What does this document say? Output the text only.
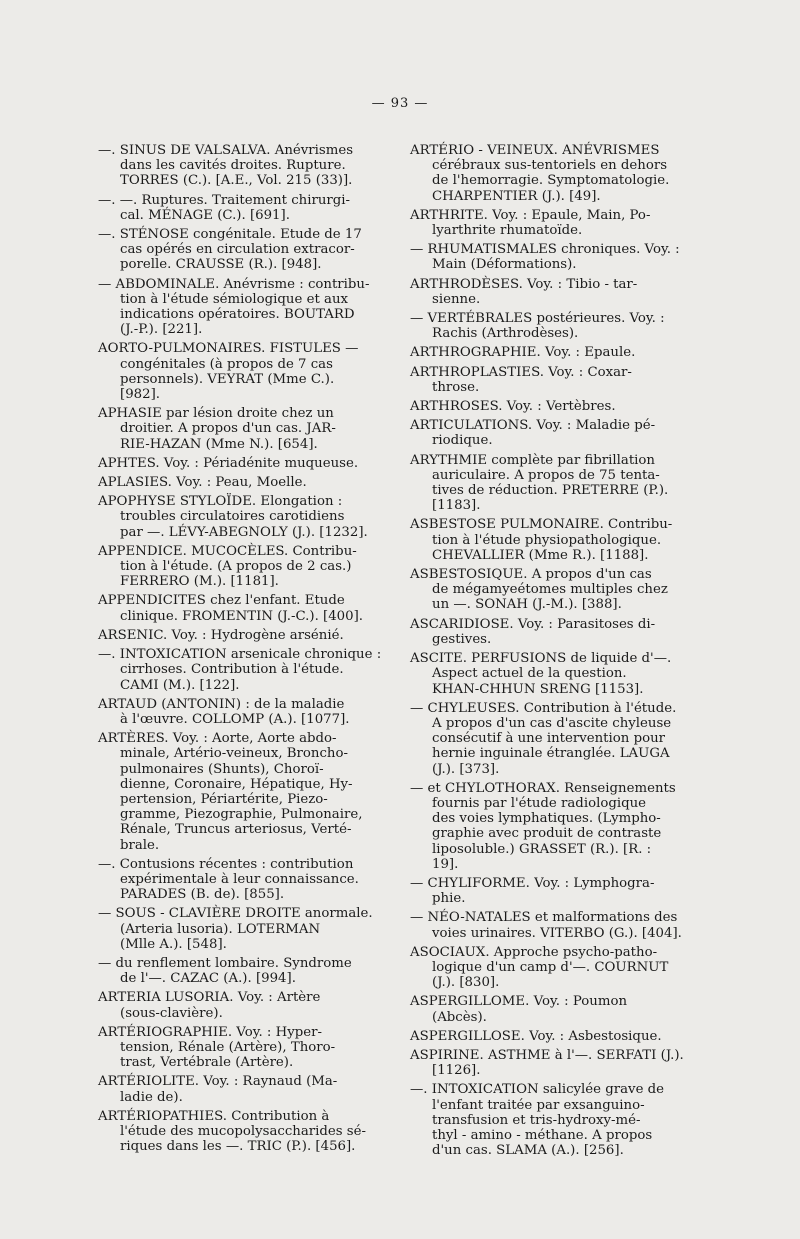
— 93 —
—. SINUS DE VALSALVA. Anévrismes
dans les cavités droites. Rupture.
TORRES (C.). [A.E., Vol. 215 (33)].
—. —. Ruptures. Traitement chirurgi-
cal. MÉNAGE (C.). [691].
—. STÉNOSE congénitale. Etude de 17
cas opérés en circulation extracor-
porelle. CRAUSSE (R.). [948].
— ABDOMINALE. Anévrisme : contribu-
tion à l'étude sémiologique et aux
indications opératoires. BOUTARD
(J.-P.). [221].
AORTO-PULMONAIRES. FISTULES —
congénitales (à propos de 7 cas
personnels). VEYRAT (Mme C.).
[982].
APHASIE par lésion droite chez un
droitier. A propos d'un cas. JAR-
RIE-HAZAN (Mme N.). [654].
APHTES. Voy. : Périadénite muqueuse.
APLASIES. Voy. : Peau, Moelle.
APOPHYSE STYLOÏDE. Elongation :
troubles circulatoires carotidiens
par —. LÉVY-ABEGNOLY (J.). [1232].
APPENDICE. MUCOCÈLES. Contribu-
tion à l'étude. (A propos de 2 cas.)
FERRERO (M.). [1181].
APPENDICITES chez l'enfant. Etude
clinique. FROMENTIN (J.-C.). [400].
ARSENIC. Voy. : Hydrogène arsénié.
—. INTOXICATION arsenicale chronique :
cirrhoses. Contribution à l'étude.
CAMI (M.). [122].
ARTAUD (ANTONIN) : de la maladie
à l'œuvre. COLLOMP (A.). [1077].
ARTÈRES. Voy. : Aorte, Aorte abdo-
minale, Artério-veineux, Broncho-
pulmonaires (Shunts), Choroï-
dienne, Coronaire, Hépatique, Hy-
pertension, Périartérite, Piezo-
gramme, Piezographie, Pulmonaire,
Rénale, Truncus arteriosus, Verté-
brale.
—. Contusions récentes : contribution
expérimentale à leur connaissance.
PARADES (B. de). [855].
— SOUS - CLAVIÈRE DROITE anormale.
(Arteria lusoria). LOTERMAN
(Mlle A.). [548].
— du renflement lombaire. Syndrome
de l'—. CAZAC (A.). [994].
ARTERIA LUSORIA. Voy. : Artère
(sous-clavière).
ARTÉRIOGRAPHIE. Voy. : Hyper-
tension, Rénale (Artère), Thoro-
trast, Vertébrale (Artère).
ARTÉRIOLITE. Voy. : Raynaud (Ma-
ladie de).
ARTÉRIOPATHIES. Contribution à
l'étude des mucopolysaccharides sé-
riques dans les —. TRIC (P.). [456].
ARTÉRIO - VEINEUX. ANÉVRISMES
cérébraux sus-tentoriels en dehors
de l'hemorragie. Symptomatologie.
CHARPENTIER (J.). [49].
ARTHRITE. Voy. : Epaule, Main, Po-
lyarthrite rhumatoïde.
— RHUMATISMALES chroniques. Voy. :
Main (Déformations).
ARTHRODÈSES. Voy. : Tibio - tar-
sienne.
— VERTÉBRALES postérieures. Voy. :
Rachis (Arthrodèses).
ARTHROGRAPHIE. Voy. : Epaule.
ARTHROPLASTIES. Voy. : Coxar-
throse.
ARTHROSES. Voy. : Vertèbres.
ARTICULATIONS. Voy. : Maladie pé-
riodique.
ARYTHMIE complète par fibrillation
auriculaire. A propos de 75 tenta-
tives de réduction. PRETERRE (P.).
[1183].
ASBESTOSE PULMONAIRE. Contribu-
tion à l'étude physiopathologique.
CHEVALLIER (Mme R.). [1188].
ASBESTOSIQUE. A propos d'un cas
de mégamyeétomes multiples chez
un —. SONAH (J.-M.). [388].
ASCARIDIOSE. Voy. : Parasitoses di-
gestives.
ASCITE. PERFUSIONS de liquide d'—.
Aspect actuel de la question.
KHAN-CHHUN SRENG [1153].
— CHYLEUSES. Contribution à l'étude.
A propos d'un cas d'ascite chyleuse
consécutif à une intervention pour
hernie inguinale étranglée. LAUGA
(J.). [373].
— et CHYLOTHORAX. Renseignements
fournis par l'étude radiologique
des voies lymphatiques. (Lympho-
graphie avec produit de contraste
liposoluble.) GRASSET (R.). [R. :
19].
— CHYLIFORME. Voy. : Lymphogra-
phie.
— NÉO-NATALES et malformations des
voies urinaires. VITERBO (G.). [404].
ASOCIAUX. Approche psycho-patho-
logique d'un camp d'—. COURNUT
(J.). [830].
ASPERGILLOME. Voy. : Poumon
(Abcès).
ASPERGILLOSE. Voy. : Asbestosique.
ASPIRINE. ASTHME à l'—. SERFATI (J.).
[1126].
—. INTOXICATION salicylée grave de
l'enfant traitée par exsanguino-
transfusion et tris-hydroxy-mé-
thyl - amino - méthane. A propos
d'un cas. SLAMA (A.). [256].
